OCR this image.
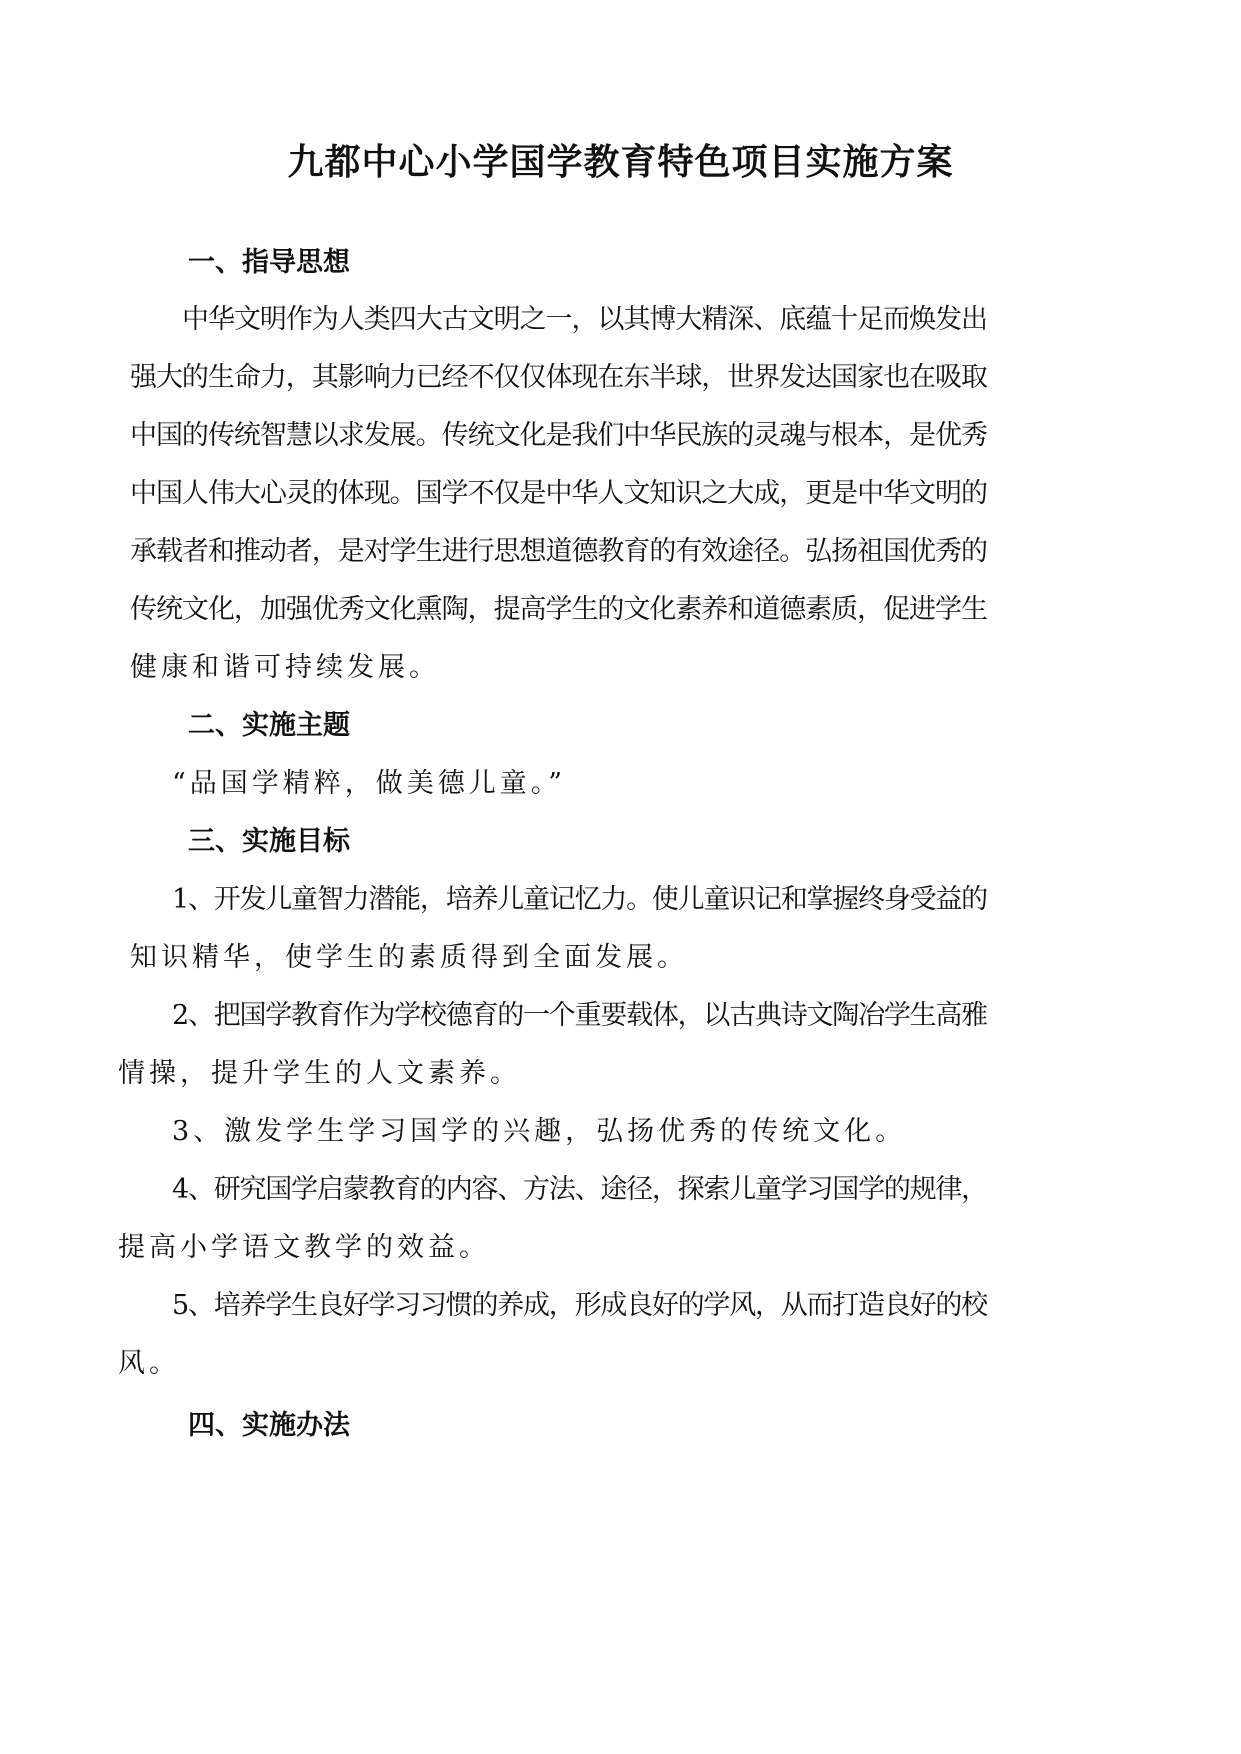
九都中心小学国学教育特色项目实施方案
一、指导思想

中华文明作为人类四大古文明之一，以其博大精深、底蕴十足而焕发出

强大的生命力，其影响力已经不仅仅体现在东半球，世界发达国家也在吸取

中国的传统智慧以求发展。传统文化是我们中华民族的灵魂与根本，是优秀

中国人伟大心灵的体现。国学不仅是中华人文知识之大成，更是中华文明的

承载者和推动者，是对学生进行思想道德教育的有效途径。弘扬祖国优秀的

传统文化，加强优秀文化熏陶，提高学生的文化素养和道德素质，促进学生

健康和谐可持续发展。

二、实施主题

“品国学精粹，做美德儿童。”

三、实施目标

1、开发儿童智力潜能，培养儿童记忆力。使儿童识记和掌握终身受益的

知识精华，使学生的素质得到全面发展。

2、把国学教育作为学校德育的一个重要载体，以古典诗文陶冶学生高雅

情操，提升学生的人文素养。

3、激发学生学习国学的兴趣，弘扬优秀的传统文化。

4、研究国学启蒙教育的内容、方法、途径，探索儿童学习国学的规律，

提高小学语文教学的效益。

5、培养学生良好学习习惯的养成，形成良好的学风，从而打造良好的校

风。

四、实施办法
